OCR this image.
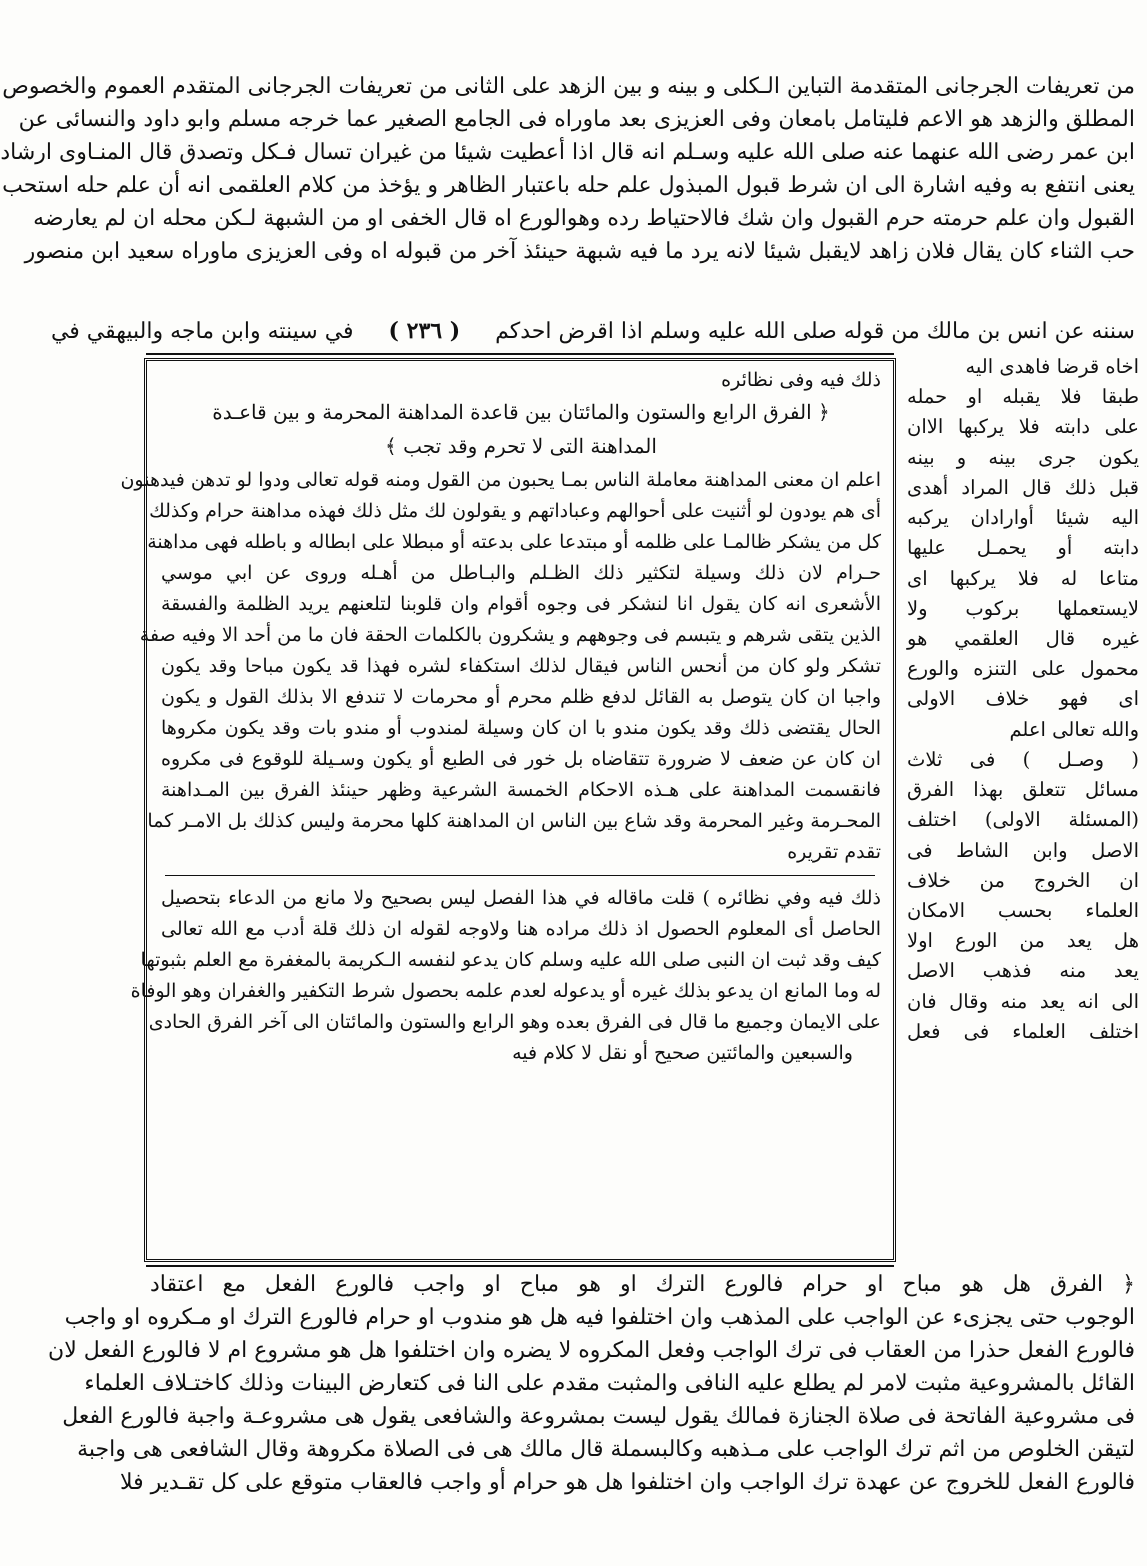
من تعريفات الجرجانى المتقدمة التباين الـكلى و بينه و بين الزهد على الثانى من تعريفات الجرجانى المتقدم العموم والخصوص
المطلق والزهد هو الاعم فليتامل بامعان وفى العزيزى بعد ماوراه فى الجامع الصغير عما خرجه مسلم وابو داود والنسائى عن
ابن عمر رضى الله عنهما عنه صلى الله عليه وسـلم انه قال اذا أعطيت شيئا من غيران تسال فـكل وتصدق قال المنـاوى ارشاد
يعنى انتفع به وفيه اشارة الى ان شرط قبول المبذول علم حله باعتبار الظاهر و يؤخذ من كلام العلقمى انه أن علم حله استحب
القبول وان علم حرمته حرم القبول وان شك فالاحتياط رده وهوالورع اه قال الخفى او من الشبهة لـكن محله ان لم يعارضه
حب الثناء كان يقال فلان زاهد لايقبل شيئا لانه يرد ما فيه شبهة حينئذ آخر من قبوله اه وفى العزيزى ماوراه سعيد ابن منصور
سننه عن انس بن مالك من قوله صلى الله عليه وسلم اذا اقرض احدكم     ( ٢٣٦ )     في سينته وابن ماجه والبيهقي في
اخاه قرضا فاهدى اليه
طبقا فلا يقبله او حمله
على دابته فلا يركبها الاان
يكون جرى بينه و بينه
قبل ذلك قال المراد أهدى
اليه شيئا أوارادان يركبه
دابته أو يحمـل عليها
متاعا له فلا يركبها اى
لايستعملها بركوب ولا
غيره قال العلقمي هو
محمول على التنزه والورع
اى فهو خلاف الاولى
والله تعالى اعلم
( وصـل ) فى ثلاث
مسائل تتعلق بهذا الفرق
(المسئلة الاولى) اختلف
الاصل وابن الشاط فى
ان الخروج من خلاف
العلماء بحسب الامكان
هل يعد من الورع اولا
يعد منه فذهب الاصل
الى انه يعد منه وقال فان
اختلف العلماء فى فعل
ذلك فيه وفى نظائره
﴿ الفرق الرابع والستون والمائتان بين قاعدة المداهنة المحرمة و بين قاعـدة
المداهنة التى لا تحرم وقد تجب ﴾
اعلم ان معنى المداهنة معاملة الناس بمـا يحبون من القول ومنه قوله تعالى ودوا لو تدهن فيدهنون
أى هم يودون لو أثنيت على أحوالهم وعباداتهم و يقولون لك مثل ذلك فهذه مداهنة حرام وكذلك
كل من يشكر ظالمـا على ظلمه أو مبتدعا على بدعته أو مبطلا على ابطاله و باطله فهى مداهنة
حـرام لان ذلك وسيلة لتكثير ذلك الظـلم والبـاطل من أهـله وروى عن ابي موسي
الأشعرى انه كان يقول انا لنشكر فى وجوه أقوام وان قلوبنا لتلعنهم يريد الظلمة والفسقة
الذين يتقى شرهم و يتبسم فى وجوههم و يشكرون بالكلمات الحقة فان ما من أحد الا وفيه صفة
تشكر ولو كان من أنحس الناس فيقال لذلك استكفاء لشره فهذا قد يكون مباحا وقد يكون
واجبا ان كان يتوصل به القائل لدفع ظلم محرم أو محرمات لا تندفع الا بذلك القول و يكون
الحال يقتضى ذلك وقد يكون مندو با ان كان وسيلة لمندوب أو مندو بات وقد يكون مكروها
ان كان عن ضعف لا ضرورة تتقاضاه بل خور فى الطبع أو يكون وسـيلة للوقوع فى مكروه
فانقسمت المداهنة على هـذه الاحكام الخمسة الشرعية وظهر حينئذ الفرق بين المـداهنة
المحـرمة وغير المحرمة وقد شاع بين الناس ان المداهنة كلها محرمة وليس كذلك بل الامـر كما
تقدم تقريره
ذلك فيه وفي نظائره ) قلت ماقاله في هذا الفصل ليس بصحيح ولا مانع من الدعاء بتحصيل
الحاصل أى المعلوم الحصول اذ ذلك مراده هنا ولاوجه لقوله ان ذلك قلة أدب مع الله تعالى
كيف وقد ثبت ان النبى صلى الله عليه وسلم كان يدعو لنفسه الـكريمة بالمغفرة مع العلم بثبوتها
له وما المانع ان يدعو بذلك غيره أو يدعوله لعدم علمه بحصول شرط التكفير والغفران وهو الوفاة
على الايمان وجميع ما قال فى الفرق بعده وهو الرابع والستون والمائتان الى آخر الفرق الحادى
والسبعين والمائتين صحيح أو نقل لا كلام فيه
﴿ الفرق هل هو مباح او حرام فالورع الترك او هو مباح او واجب فالورع الفعل مع اعتقاد
الوجوب حتى يجزىء عن الواجب على المذهب وان اختلفوا فيه هل هو مندوب او حرام فالورع الترك او مـكروه او واجب
فالورع الفعل حذرا من العقاب فى ترك الواجب وفعل المكروه لا يضره وان اختلفوا هل هو مشروع ام لا فالورع الفعل لان
القائل بالمشروعية مثبت لامر لم يطلع عليه النافى والمثبت مقدم على النا فى كتعارض البينات وذلك كاختـلاف العلماء
فى مشروعية الفاتحة فى صلاة الجنازة فمالك يقول ليست بمشروعة والشافعى يقول هى مشروعـة واجبة فالورع الفعل
لتيقن الخلوص من اثم ترك الواجب على مـذهبه وكالبسملة قال مالك هى فى الصلاة مكروهة وقال الشافعى هى واجبة
فالورع الفعل للخروج عن عهدة ترك الواجب وان اختلفوا هل هو حرام أو واجب فالعقاب متوقع على كل تقـدير فلا
